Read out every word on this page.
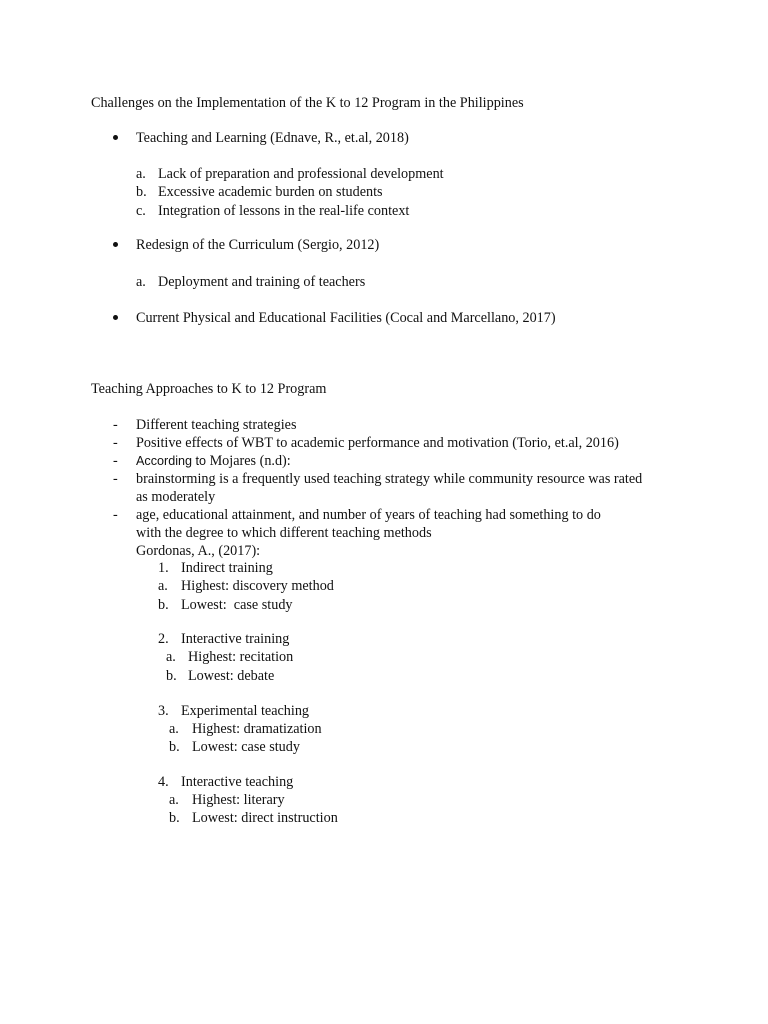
Challenges on the Implementation of the K to 12 Program in the Philippines
Teaching and Learning (Ednave, R., et.al, 2018)
a. Lack of preparation and professional development
b. Excessive academic burden on students
c. Integration of lessons in the real-life context
Redesign of the Curriculum (Sergio, 2012)
a. Deployment and training of teachers
Current Physical and Educational Facilities (Cocal and Marcellano, 2017)
Teaching Approaches to K to 12 Program
- Different teaching strategies
- Positive effects of WBT to academic performance and motivation (Torio, et.al, 2016)
- According to Mojares (n.d):
- brainstorming is a frequently used teaching strategy while community resource was rated
as moderately
- age, educational attainment, and number of years of teaching had something to do
with the degree to which different teaching methods
Gordonas, A., (2017):
1. Indirect training
a. Highest: discovery method
b. Lowest:  case study
2. Interactive training
a. Highest: recitation
b. Lowest: debate
3. Experimental teaching
a. Highest: dramatization
b. Lowest: case study
4. Interactive teaching
a. Highest: literary
b. Lowest: direct instruction
